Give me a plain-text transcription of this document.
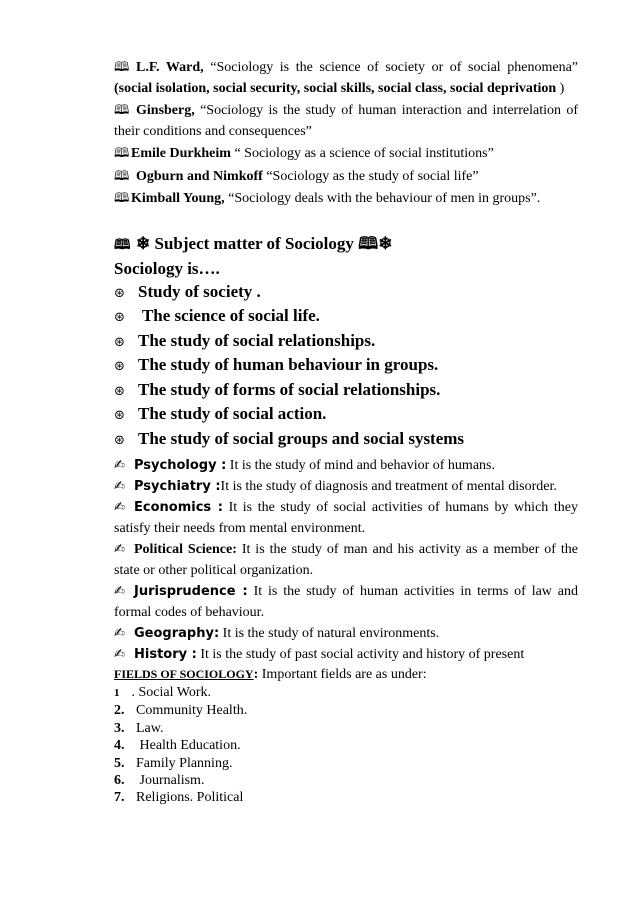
🕮 L.F. Ward, “Sociology is the science of society or of social phenomena” (social isolation, social security, social skills, social class, social deprivation )

🕮 Ginsberg, “Sociology is the study of human interaction and interrelation of their conditions and consequences”

🕮 Emile Durkheim “ Sociology as a science of social institutions”

🕮 Ogburn and Nimkoff “Sociology as the study of social life”

🕮 Kimball Young, “Sociology deals with the behaviour of men in groups”.

🕮 ❄ Subject matter of Sociology 🕮❄

Sociology is….

⊛ Study of society .

⊛ The science of social life.

⊛ The study of social relationships.

⊛ The study of human behaviour in groups.

⊛ The study of forms of social relationships.

⊛ The study of social action.

⊛ The study of social groups and social systems

✍ Psychology : It is the study of mind and behavior of humans.

✍ Psychiatry :It is the study of diagnosis and treatment of mental disorder.

✍ Economics : It is the study of social activities of humans by which they satisfy their needs from mental environment.

✍ Political Science: It is the study of man and his activity as a member of the state or other political organization.

✍ Jurisprudence : It is the study of human activities in terms of law and formal codes of behaviour.

✍ Geography: It is the study of natural environments.

✍ History : It is the study of past social activity and history of present

FIELDS OF SOCIOLOGY: Important fields are as under:

1 . Social Work.

2. Community Health.

3. Law.

4. Health Education.

5. Family Planning.

6. Journalism.

7. Religions. Political
